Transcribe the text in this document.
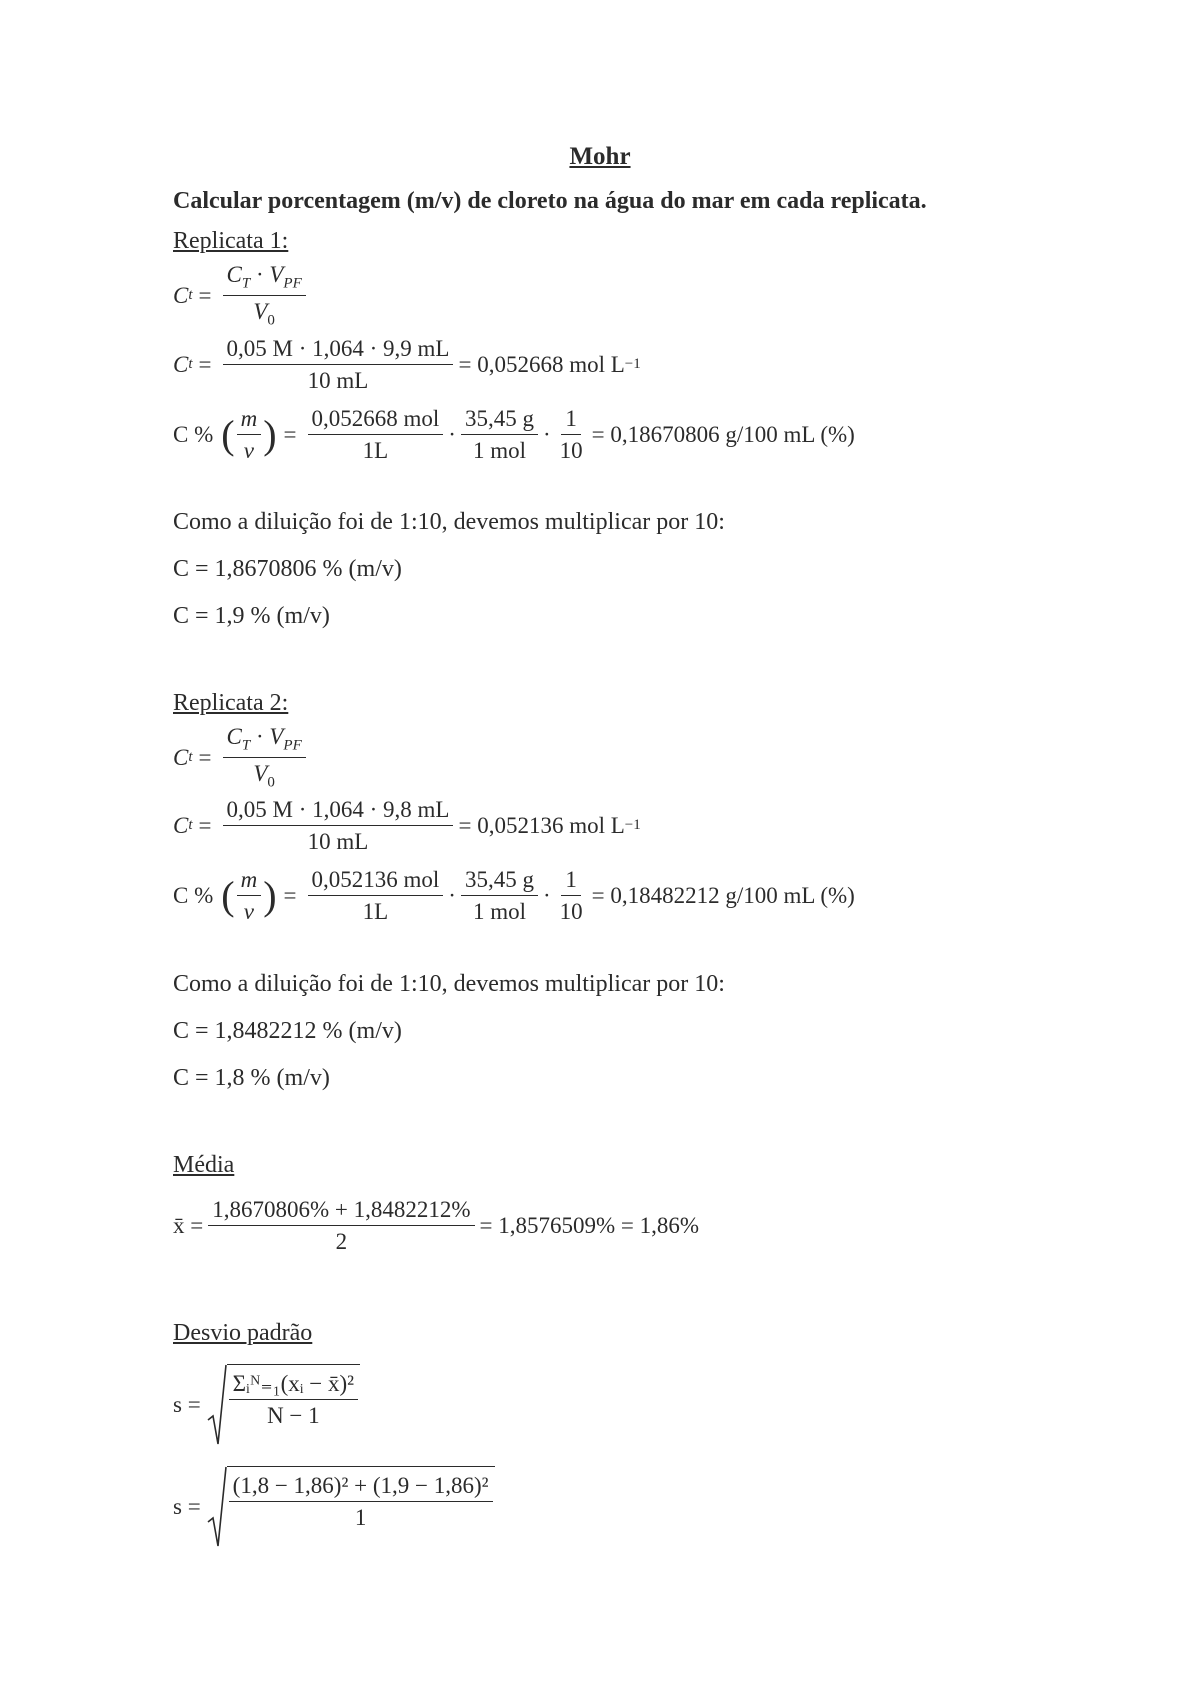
Mohr
Calcular porcentagem (m/v) de cloreto na água do mar em cada replicata.
Replicata 1:
C $t = \frac{C_T \cdot V_{PF}}{V_0}$
C $t = \frac{0,05 M \cdot 1,064 \cdot 9,9 mL}{10 mL} = 0,052668$ mol L −1
C % ( $\frac{m}{v}$ ) = $\frac{\text{0,052668 mol}}{1L} \cdot \frac{35,45 g}{\text{1 mol}} \cdot \frac{1}{10} = 0,18670806$ g/100 mL (%)
Como a diluição foi de 1:10, devemos multiplicar por 10:
C = 1,8670806 % (m/v)
C = 1,9 % (m/v)
Replicata 2:
C $t = \frac{C_T \cdot V_{PF}}{V_0}$
C $t = \frac{0,05 M \cdot 1,064 \cdot 9,8 mL}{10 mL} = 0,052136$ mol L −1
C % ( $\frac{m}{v}$ ) = $\frac{\text{0,052136 mol}}{1L} \cdot \frac{35,45 g}{\text{1 mol}} \cdot \frac{1}{10} = 0,18482212$ g/100 mL (%)
Como a diluição foi de 1:10, devemos multiplicar por 10:
C = 1,8482212 % (m/v)
C = 1,8 % (m/v)
Média
x̄ = $\frac{1,8670806\% + 1,8482212\%}{2} = 1,8576509\% = 1,86\%$
Desvio padrão
$s = \frac{\text{Σᵢᴺ₌₁(xᵢ − x̄)²}}{N - 1}$
$s = \frac{\text{(1,8 − 1,86)² + (1,9 − 1,86)²}}{1}$
